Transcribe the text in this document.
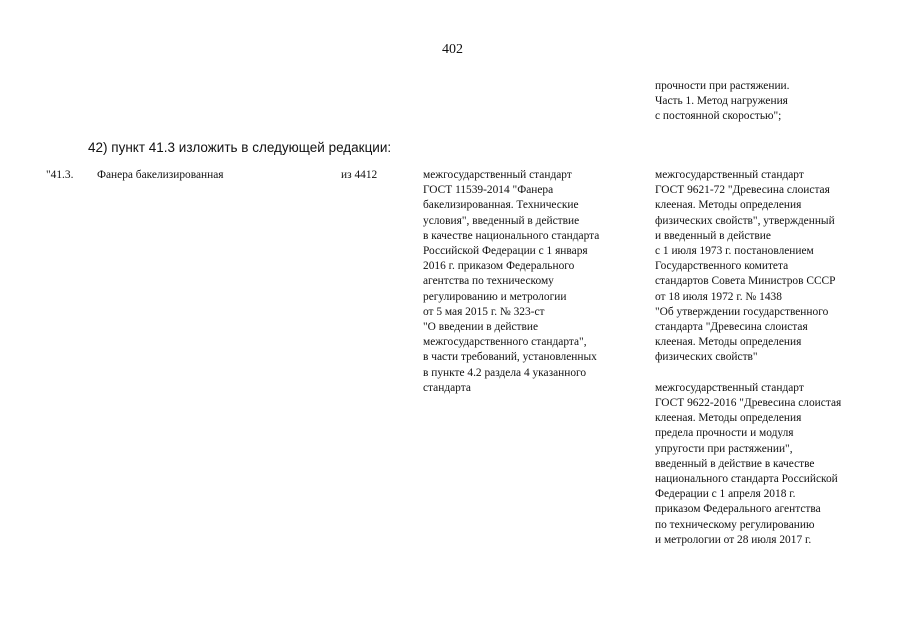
402
прочности при растяжении.
Часть 1. Метод нагружения
с постоянной скоростью";
42) пункт 41.3 изложить в следующей редакции:
"41.3. Фанера бакелизированная	из 4412	межгосударственный стандарт
ГОСТ 11539-2014 "Фанера
бакелизированная. Технические
условия", введенный в действие
в качестве национального стандарта
Российской Федерации с 1 января
2016 г. приказом Федерального
агентства по техническому
регулированию и метрологии
от 5 мая 2015 г. № 323-ст
"О введении в действие
межгосударственного стандарта",
в части требований, установленных
в пункте 4.2 раздела 4 указанного
стандарта
межгосударственный стандарт
ГОСТ 9621-72 "Древесина слоистая
клееная. Методы определения
физических свойств", утвержденный
и введенный в действие
с 1 июля 1973 г. постановлением
Государственного комитета
стандартов Совета Министров СССР
от 18 июля 1972 г. № 1438
"Об утверждении государственного
стандарта "Древесина слоистая
клееная. Методы определения
физических свойств"
межгосударственный стандарт
ГОСТ 9622-2016 "Древесина слоистая
клееная. Методы определения
предела прочности и модуля
упругости при растяжении",
введенный в действие в качестве
национального стандарта Российской
Федерации с 1 апреля 2018 г.
приказом Федерального агентства
по техническому регулированию
и метрологии от 28 июля 2017 г.
